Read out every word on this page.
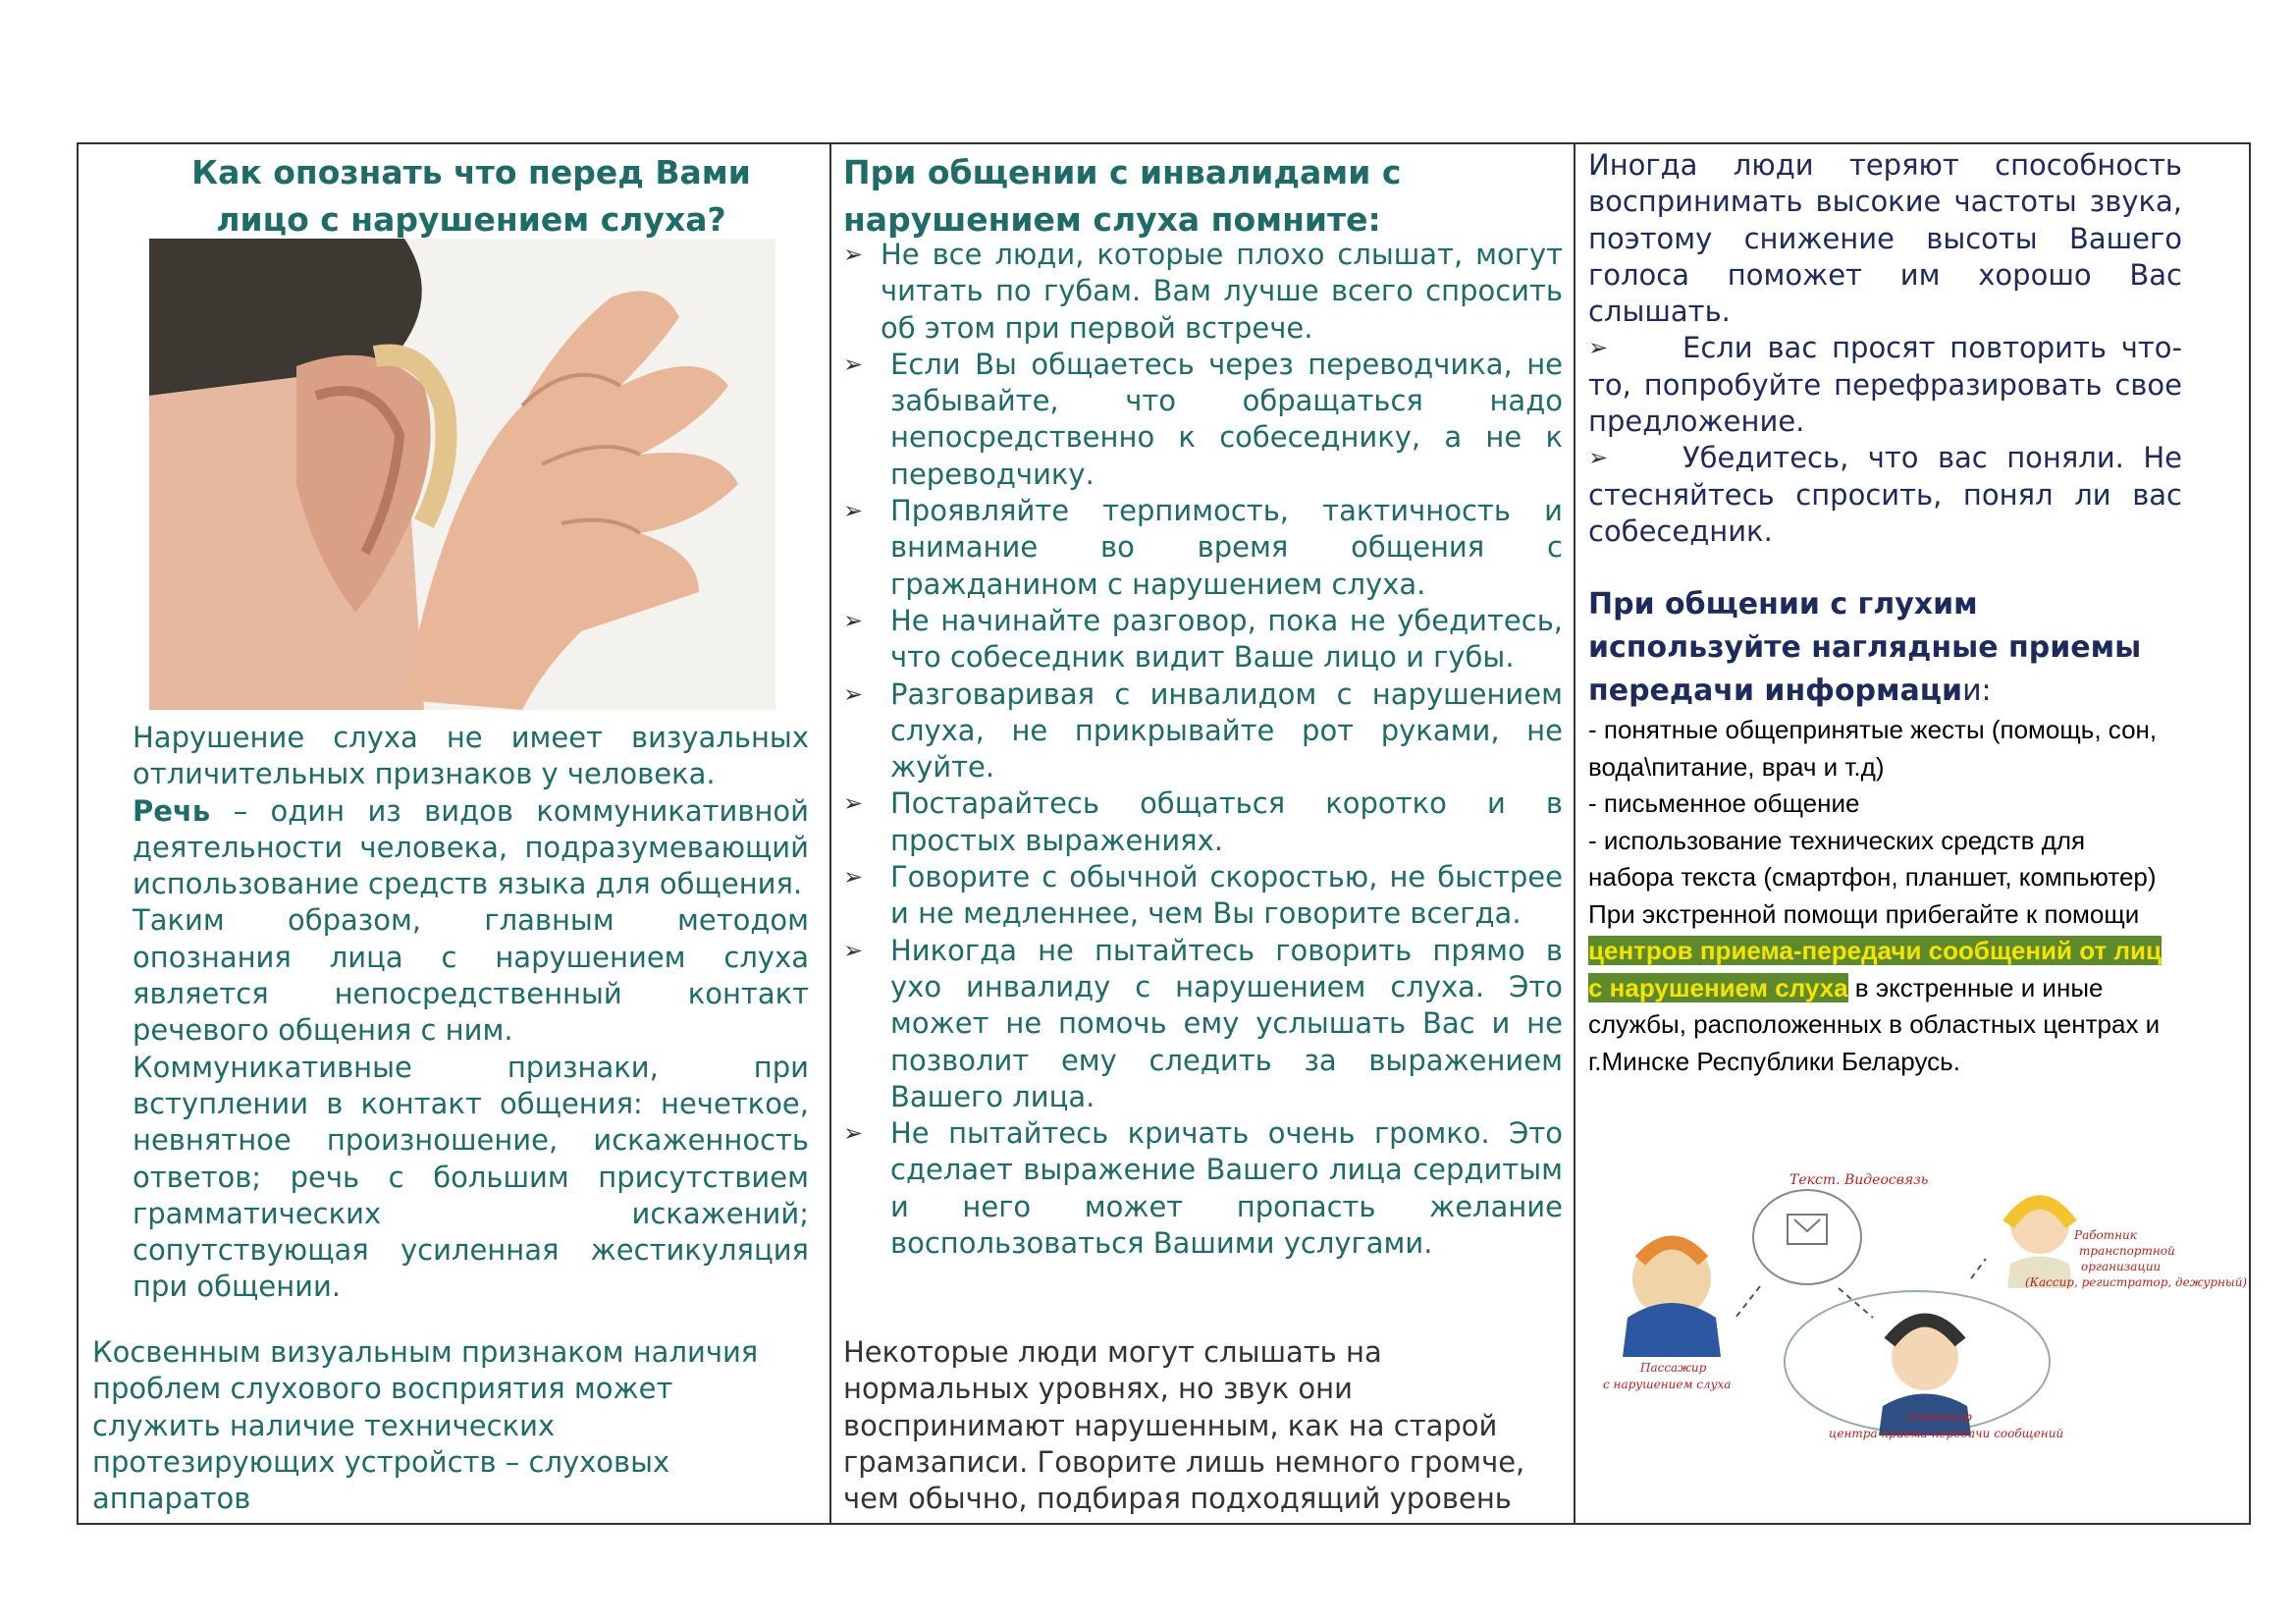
Как опознать что перед Вами

лицо с нарушением слуха?

Нарушение слуха не имеет визуальных отличительных признаков у человека.

Речь – один из видов коммуникативной деятельности человека, подразумевающий использование средств языка для общения.

Таким образом, главным методом опознания лица с нарушением слуха является непосредственный контакт речевого общения с ним.

Коммуникативные признаки, при вступлении в контакт общения: нечеткое, невнятное произношение, искаженность ответов; речь с большим присутствием грамматических искажений; сопутствующая усиленная жестикуляция при общении.

Косвенным визуальным признаком наличия

проблем слухового восприятия может

служить наличие технических

протезирующих устройств – слуховых

аппаратов

При общении с инвалидами с

нарушением слуха помните:

➢ Не все люди, которые плохо слышат, могут читать по губам. Вам лучше всего спросить об этом при первой встрече.
➢ Если Вы общаетесь через переводчика, не забывайте, что обращаться надо непосредственно к собеседнику, а не к переводчику.
➢ Проявляйте терпимость, тактичность и внимание во время общения с гражданином с нарушением слуха.
➢ Не начинайте разговор, пока не убедитесь, что собеседник видит Ваше лицо и губы.
➢ Разговаривая с инвалидом с нарушением слуха, не прикрывайте рот руками, не жуйте.
➢ Постарайтесь общаться коротко и в простых выражениях.
➢ Говорите с обычной скоростью, не быстрее и не медленнее, чем Вы говорите всегда.
➢ Никогда не пытайтесь говорить прямо в ухо инвалиду с нарушением слуха. Это может не помочь ему услышать Вас и не позволит ему следить за выражением Вашего лица.
➢ Не пытайтесь кричать очень громко. Это сделает выражение Вашего лица сердитым и него может пропасть желание воспользоваться Вашими услугами.

Некоторые люди могут слышать на

нормальных уровнях, но звук они

воспринимают нарушенным, как на старой

грамзаписи. Говорите лишь немного громче,

чем обычно, подбирая подходящий уровень

Иногда люди теряют способность воспринимать высокие частоты звука, поэтому снижение высоты Вашего голоса поможет им хорошо Вас слышать.

➢	Если вас просят повторить что-то, попробуйте перефразировать свое предложение.

➢	Убедитесь, что вас поняли. Не стесняйтесь спросить, понял ли вас собеседник.

При общении с глухим

используйте наглядные приемы

передачи информации:

- понятные общепринятые жесты (помощь, сон, вода\питание, врач и т.д)

- письменное общение

- использование технических средств для набора текста (смартфон, планшет, компьютер)

При экстренной помощи прибегайте к помощи центров приема-передачи сообщений от лиц с нарушением слуха в экстренные и иные службы, расположенных в областных центрах и г.Минске Республики Беларусь.

Текст. Видеосвязь
Работник
транспортной
организации
(Кассир, регистратор, дежурный)
Пассажир
с нарушением слуха
Оператор
центра приема-передачи сообщений
